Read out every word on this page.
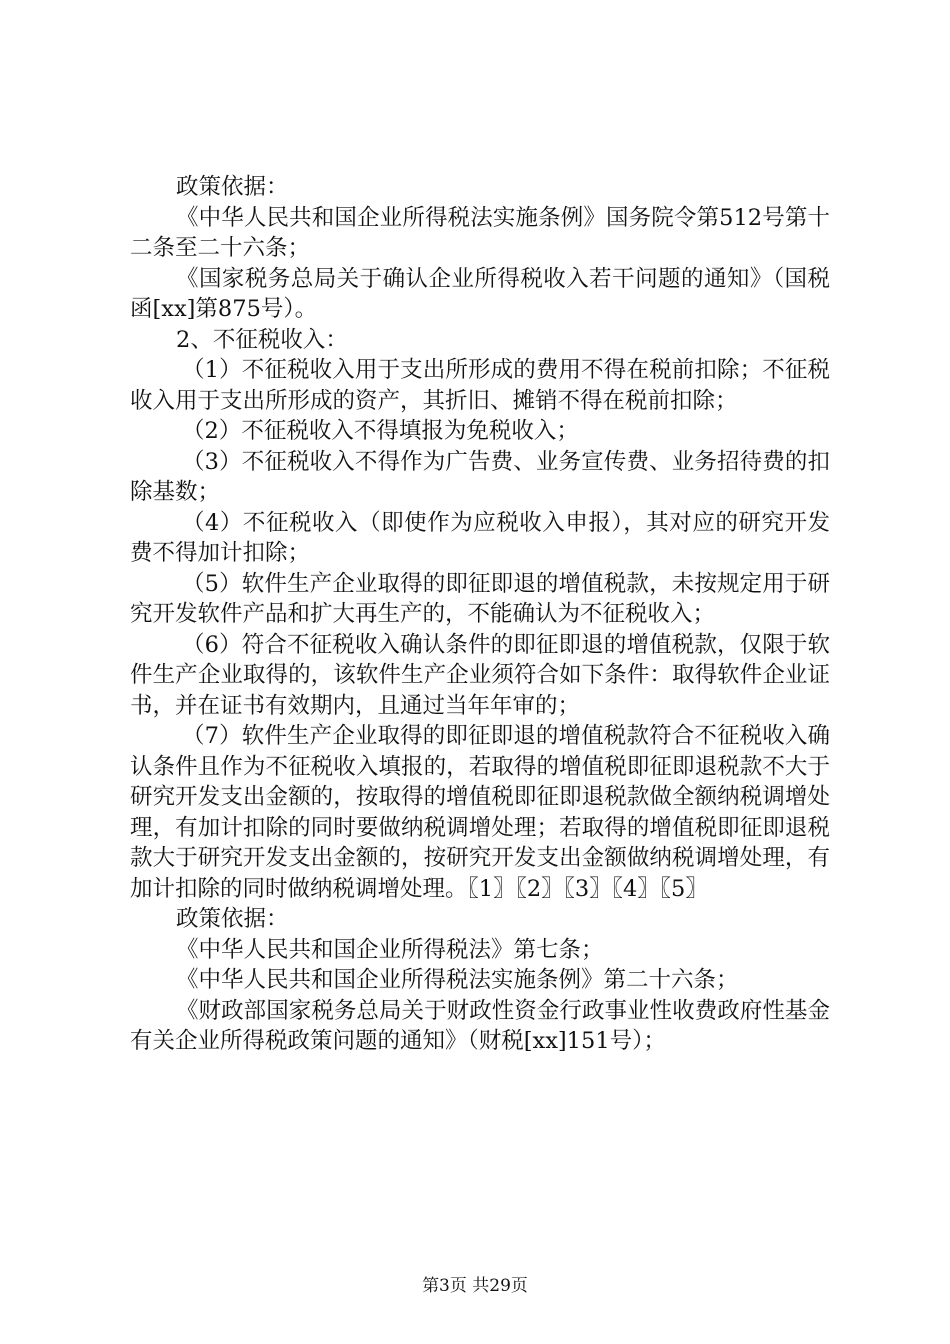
政策依据：

《中华人民共和国企业所得税法实施条例》国务院令第512号第十二条至二十六条；

《国家税务总局关于确认企业所得税收入若干问题的通知》（国税函[xx]第875号）。

2、不征税收入：

（1）不征税收入用于支出所形成的费用不得在税前扣除；不征税收入用于支出所形成的资产，其折旧、摊销不得在税前扣除；

（2）不征税收入不得填报为免税收入；

（3）不征税收入不得作为广告费、业务宣传费、业务招待费的扣除基数；

（4）不征税收入（即使作为应税收入申报），其对应的研究开发费不得加计扣除；

（5）软件生产企业取得的即征即退的增值税款，未按规定用于研究开发软件产品和扩大再生产的，不能确认为不征税收入；

（6）符合不征税收入确认条件的即征即退的增值税款，仅限于软件生产企业取得的，该软件生产企业须符合如下条件：取得软件企业证书，并在证书有效期内，且通过当年年审的；

（7）软件生产企业取得的即征即退的增值税款符合不征税收入确认条件且作为不征税收入填报的，若取得的增值税即征即退税款不大于研究开发支出金额的，按取得的增值税即征即退税款做全额纳税调增处理，有加计扣除的同时要做纳税调增处理；若取得的增值税即征即退税款大于研究开发支出金额的，按研究开发支出金额做纳税调增处理，有加计扣除的同时做纳税调增处理。〖1〗〖2〗〖3〗〖4〗〖5〗

政策依据：

《中华人民共和国企业所得税法》第七条；

《中华人民共和国企业所得税法实施条例》第二十六条；

《财政部国家税务总局关于财政性资金行政事业性收费政府性基金有关企业所得税政策问题的通知》（财税[xx]151号）；

第3页 共29页
